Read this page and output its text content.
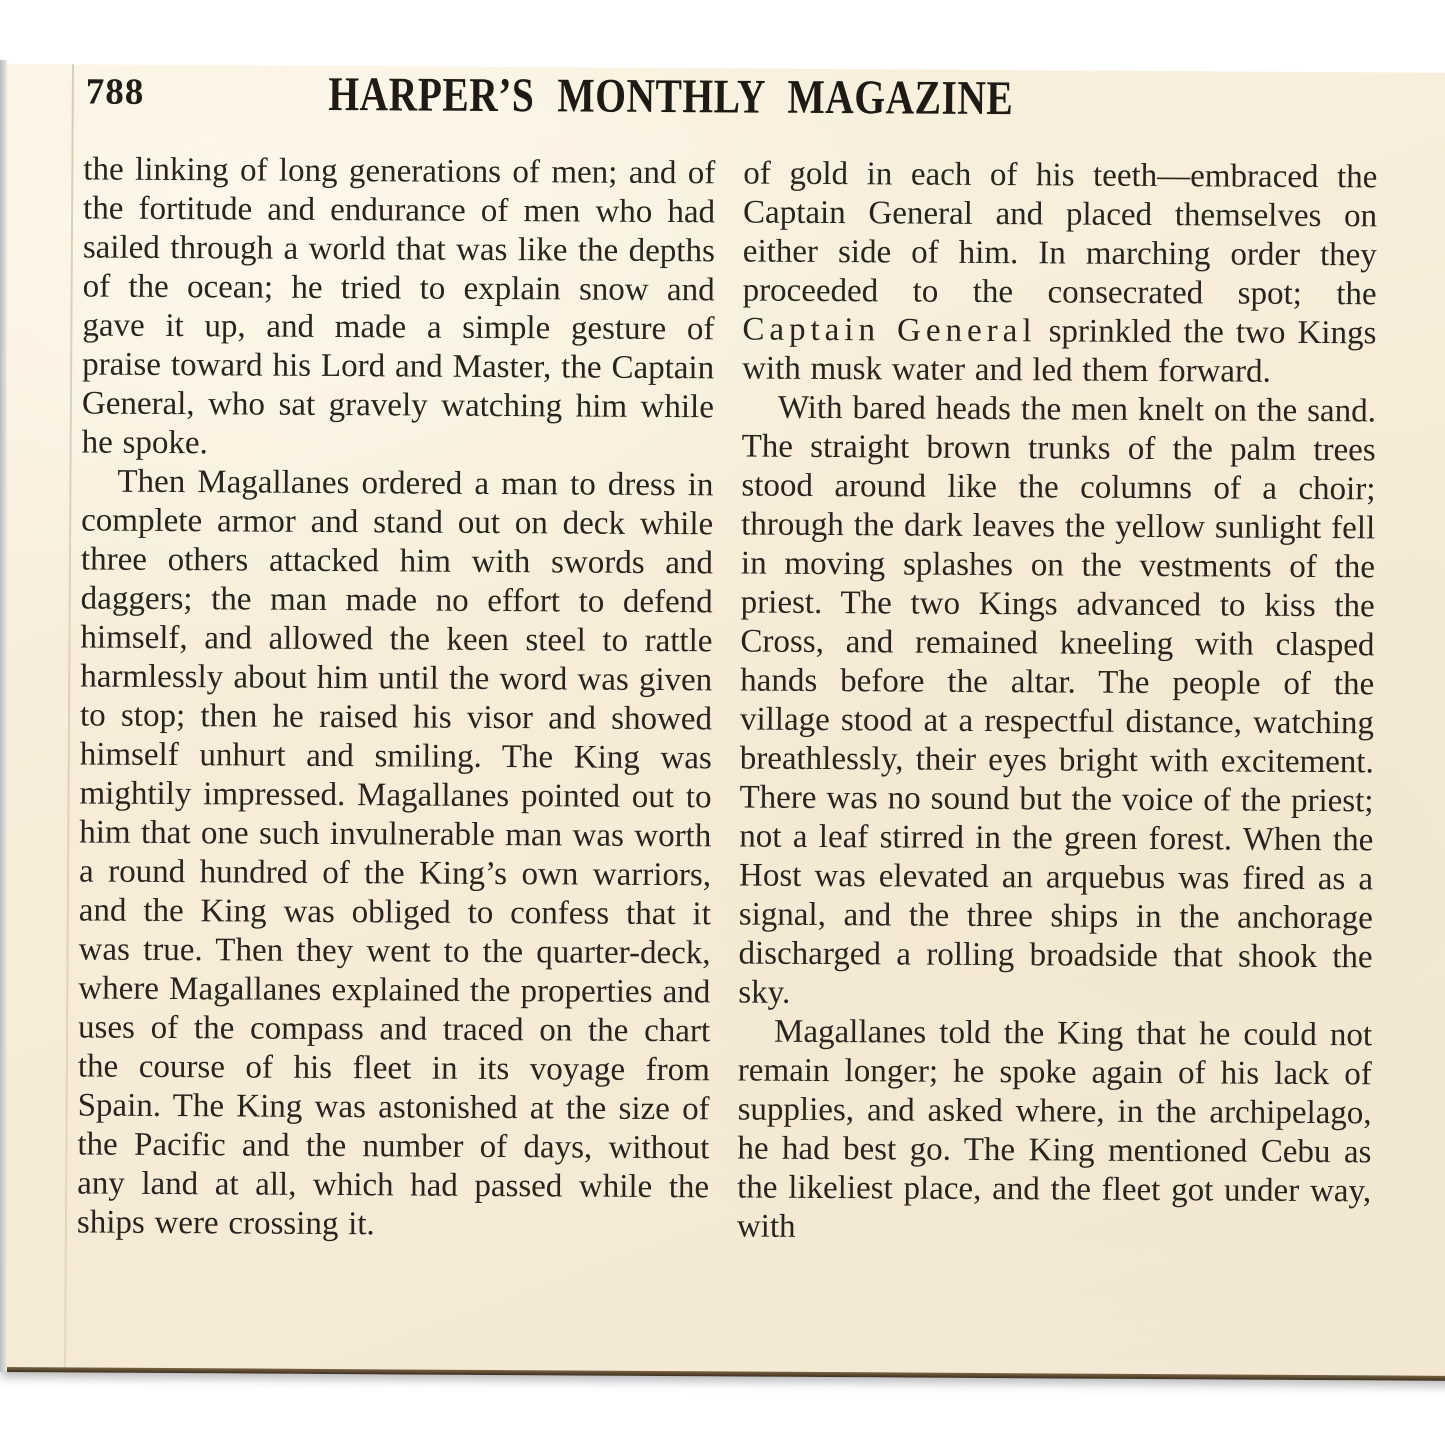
788	HARPER’S MONTHLY MAGAZINE

the linking of long generations of men; and of the fortitude and endurance of men who had sailed through a world that was like the depths of the ocean; he tried to explain snow and gave it up, and made a simple gesture of praise toward his Lord and Master, the Captain General, who sat gravely watching him while he spoke.

Then Magallanes ordered a man to dress in complete armor and stand out on deck while three others attacked him with swords and daggers; the man made no effort to defend himself, and allowed the keen steel to rattle harmlessly about him until the word was given to stop; then he raised his visor and showed himself unhurt and smiling. The King was mightily impressed. Magallanes pointed out to him that one such invulnerable man was worth a round hundred of the King’s own warriors, and the King was obliged to confess that it was true. Then they went to the quarter-deck, where Magallanes explained the properties and uses of the compass and traced on the chart the course of his fleet in its voyage from Spain. The King was astonished at the size of the Pacific and the number of days, without any land at all, which had passed while the ships were crossing it.

of gold in each of his teeth—embraced the Captain General and placed themselves on either side of him. In marching order they proceeded to the consecrated spot; the Captain General sprinkled the two Kings with musk water and led them forward.

With bared heads the men knelt on the sand. The straight brown trunks of the palm trees stood around like the columns of a choir; through the dark leaves the yellow sunlight fell in moving splashes on the vestments of the priest. The two Kings advanced to kiss the Cross, and remained kneeling with clasped hands before the altar. The people of the village stood at a respectful distance, watching breathlessly, their eyes bright with excitement. There was no sound but the voice of the priest; not a leaf stirred in the green forest. When the Host was elevated an arquebus was fired as a signal, and the three ships in the anchorage discharged a rolling broadside that shook the sky.

Magallanes told the King that he could not remain longer; he spoke again of his lack of supplies, and asked where, in the archipelago, he had best go. The King mentioned Cebu as the likeliest place, and the fleet got under way, with
